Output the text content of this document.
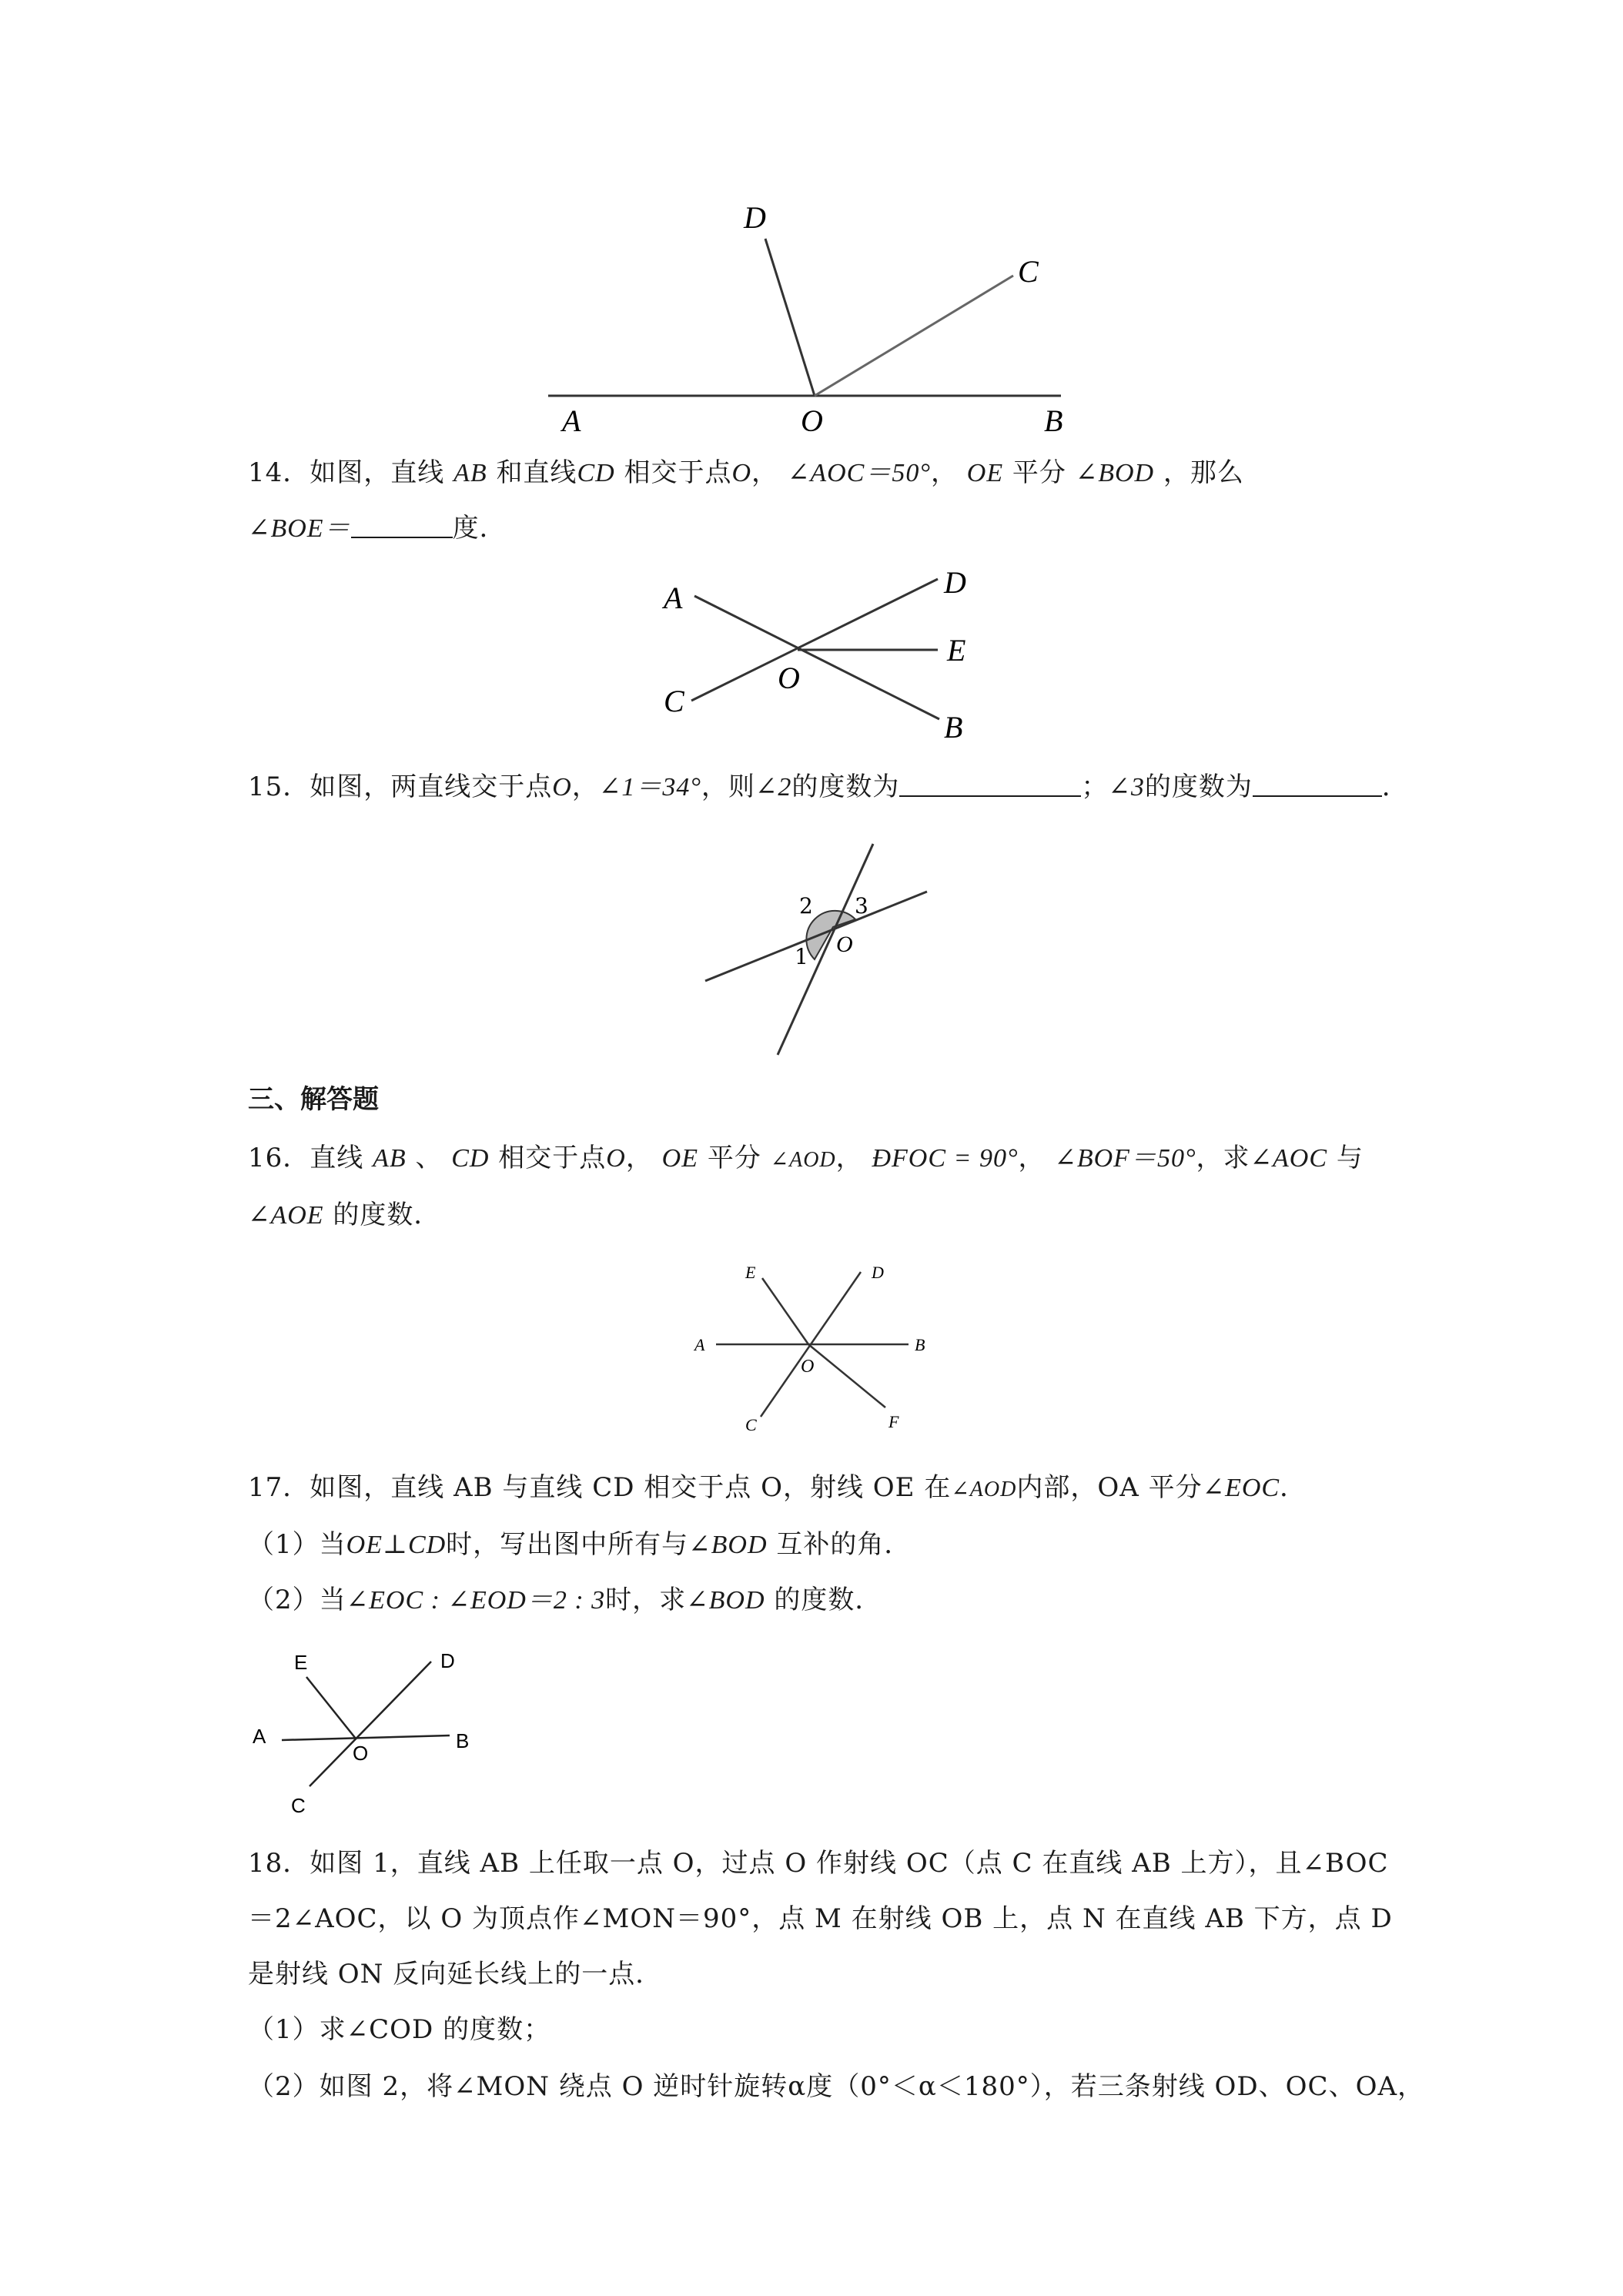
D
C
A	O	B
14．如图，直线 AB 和直线CD 相交于点O， ∠AOC＝50°， OE 平分 ∠BOD ，那么
∠BOE＝	度．
A	D
E
O
C
B
15．如图，两直线交于点O，∠1＝34°，则∠2的度数为	；∠3的度数为	．
2 3
1 O
三、解答题
16．直线 AB 、 CD 相交于点O， OE 平分 ∠AOD， ÐFOC = 90°， ∠BOF＝50°，求∠AOC 与
∠AOE 的度数．
E	D
A	B
O
C	F
17．如图，直线 AB 与直线 CD 相交于点 O，射线 OE 在∠AOD内部，OA 平分∠EOC．
（1）当OE⊥CD时，写出图中所有与∠BOD 互补的角．
（2）当∠EOC : ∠EOD＝2 : 3时，求∠BOD 的度数．
E	D
A
O
B
C
18．如图 1，直线 AB 上任取一点 O，过点 O 作射线 OC（点 C 在直线 AB 上方），且∠BOC
＝2∠AOC，以 O 为顶点作∠MON＝90°，点 M 在射线 OB 上，点 N 在直线 AB 下方，点 D
是射线 ON 反向延长线上的一点．
（1）求∠COD 的度数；
（2）如图 2，将∠MON 绕点 O 逆时针旋转α度（0°＜α＜180°），若三条射线 OD、OC、OA，
